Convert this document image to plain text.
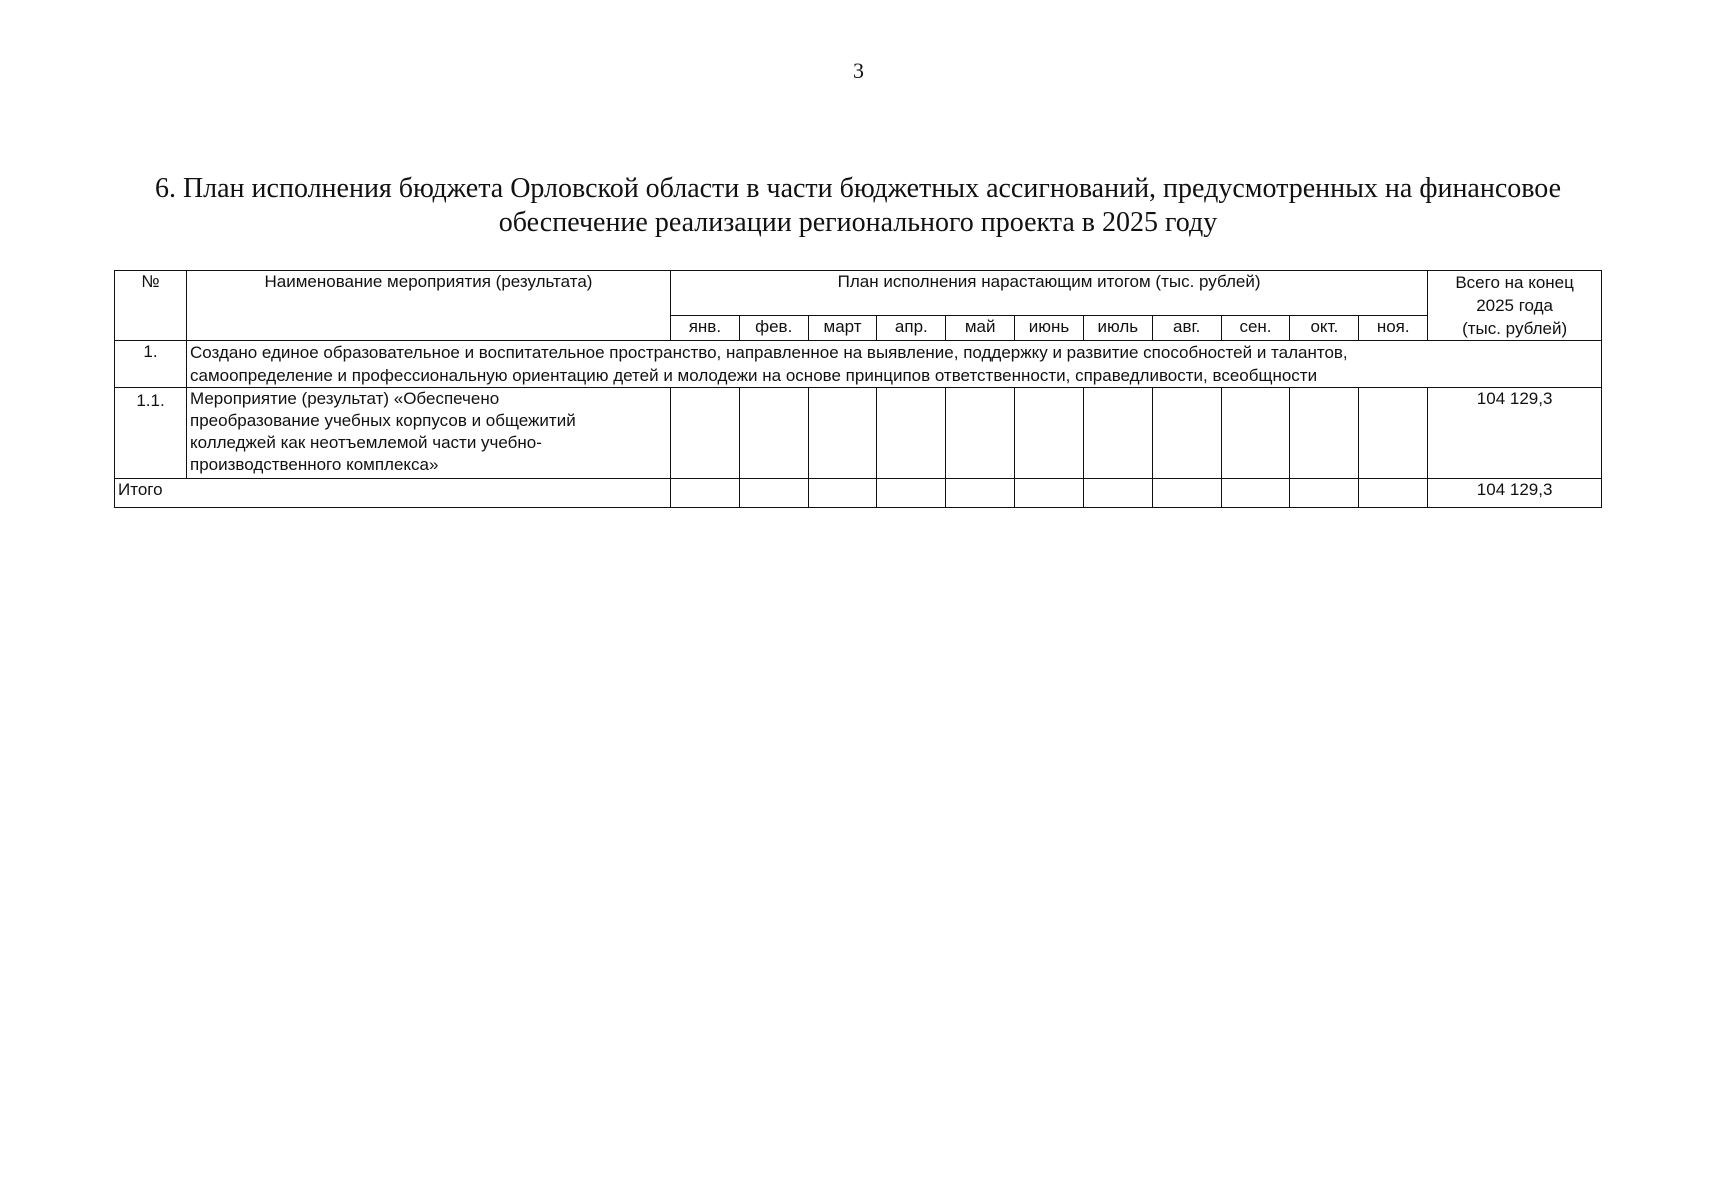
3
6. План исполнения бюджета Орловской области в части бюджетных ассигнований, предусмотренных на финансовое
обеспечение реализации регионального проекта в 2025 году
№	Наименование мероприятия (результата)	План исполнения нарастающим итогом (тыс. рублей)											Всего на конец
2025 года
(тыс. рублей)

		янв.	фев.	март	апр.	май	июнь	июль	авг.	сен.	окт.	ноя.	
1.	Создано единое образовательное и воспитательное пространство, направленное на выявление, поддержку и развитие способностей и талантов,
самоопределение и профессиональную ориентацию детей и молодежи на основе принципов ответственности, справедливости, всеобщности												

1.1.	Мероприятие (результат) «Обеспечено
преобразование учебных корпусов и общежитий
колледжей как неотъемлемой части учебно-
производственного комплекса»												104 129,3
Итого													104 129,3
